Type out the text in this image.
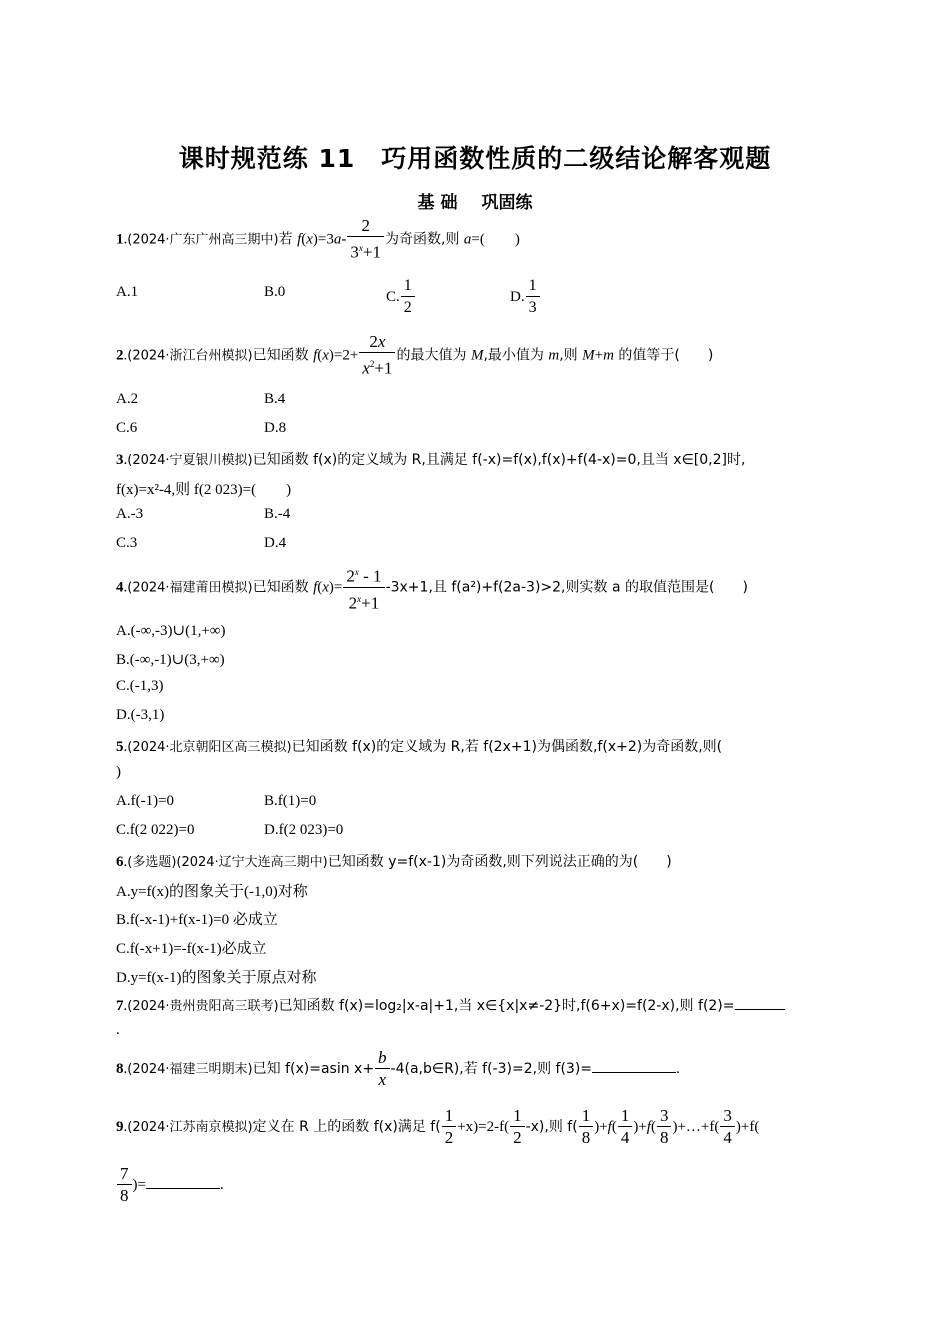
课时规范练 11　巧用函数性质的二级结论解客观题
基 础 巩固练
1.(2024·广东广州高三期中)若 $f(x)=3a- \frac{2}{3^x+1}$ 为奇函数,则 a=(　　)
A.1	B.0	C. $\frac{1}{2}$	D. $\frac{1}{3}$
2.(2024·浙江台州模拟)已知函数 $f(x)=2+ \frac{2x}{x^2+1}$ 的最大值为 M,最小值为 m,则 M+m 的值等于(　　)
A.2	B.4
C.6	D.8
3.(2024·宁夏银川模拟)已知函数 f(x)的定义域为 R,且满足 f(-x)=f(x),f(x)+f(4-x)=0,且当 x∈[0,2]时,
f(x)=x²-4,则 f(2 023)=(　　)
A.-3	B.-4
C.3	D.4
4.(2024·福建莆田模拟)已知函数 $f(x)= \frac{2^x - 1}{2^x+1} -3x+1$,且 f(a²)+f(2a-3)>2,则实数 a 的取值范围是(　　)
A.(-∞,-3)∪(1,+∞)
B.(-∞,-1)∪(3,+∞)
C.(-1,3)
D.(-3,1)
5.(2024·北京朝阳区高三模拟)已知函数 f(x)的定义域为 R,若 f(2x+1)为偶函数,f(x+2)为奇函数,则(
)
A.f(-1)=0	B.f(1)=0
C.f(2 022)=0	D.f(2 023)=0
6.(多选题)(2024·辽宁大连高三期中)已知函数 y=f(x-1)为奇函数,则下列说法正确的为(　　)
A.y=f(x)的图象关于(-1,0)对称
B.f(-x-1)+f(x-1)=0 必成立
C.f(-x+1)=-f(x-1)必成立
D.y=f(x-1)的图象关于原点对称
7.(2024·贵州贵阳高三联考)已知函数 f(x)=log₂|x-a|+1,当 x∈{x|x≠-2}时,f(6+x)=f(2-x),则 f(2)=
.
8.(2024·福建三明期末)已知 f(x)=asin $x+ \frac{b}{x}$ -4(a,b∈R),若 f(-3)=2,则 f(3)=	.
9.(2024·江苏南京模拟)定义在 R 上的函数 f(x)满足 $f( \frac{1}{2} +x)=2-f( \frac{1}{2} -x)$,则 $f( \frac{1}{8} )+f( \frac{1}{4} )+f( \frac{3}{8}$ )+…+f( $\frac{3}{4} )+f$(
$\frac{7}{8}$ )=	.
